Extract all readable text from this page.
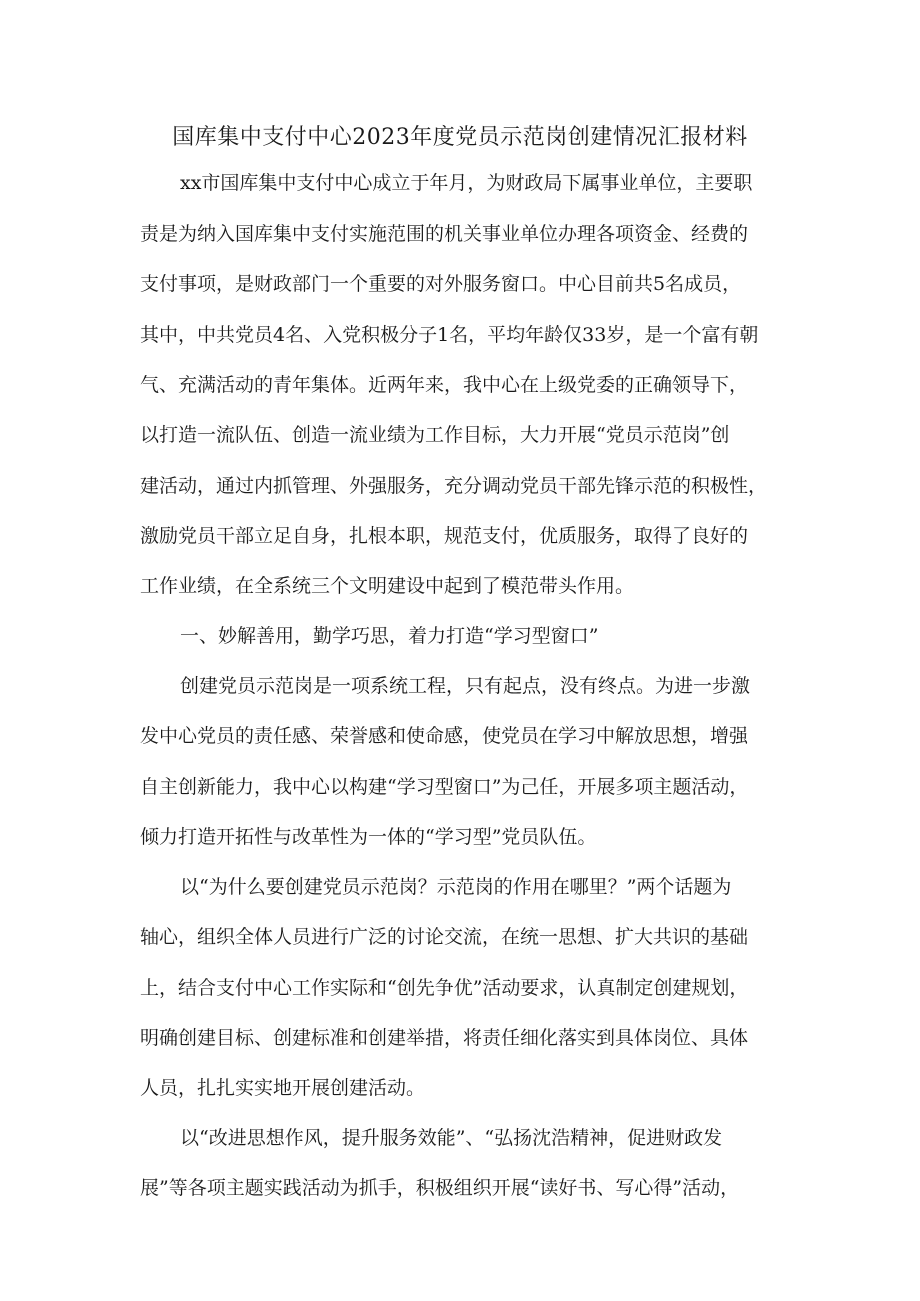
国库集中支付中心2023年度党员示范岗创建情况汇报材料
xx市国库集中支付中心成立于年月，为财政局下属事业单位，主要职
责是为纳入国库集中支付实施范围的机关事业单位办理各项资金、经费的
支付事项，是财政部门一个重要的对外服务窗口。中心目前共5名成员，
其中，中共党员4名、入党积极分子1名，平均年龄仅33岁，是一个富有朝
气、充满活动的青年集体。近两年来，我中心在上级党委的正确领导下，
以打造一流队伍、创造一流业绩为工作目标，大力开展“党员示范岗”创
建活动，通过内抓管理、外强服务，充分调动党员干部先锋示范的积极性，
激励党员干部立足自身，扎根本职，规范支付，优质服务，取得了良好的
工作业绩，在全系统三个文明建设中起到了模范带头作用。
一、妙解善用，勤学巧思，着力打造“学习型窗口”
创建党员示范岗是一项系统工程，只有起点，没有终点。为进一步激
发中心党员的责任感、荣誉感和使命感，使党员在学习中解放思想，增强
自主创新能力，我中心以构建“学习型窗口”为己任，开展多项主题活动，
倾力打造开拓性与改革性为一体的“学习型”党员队伍。
以“为什么要创建党员示范岗？示范岗的作用在哪里？”两个话题为
轴心，组织全体人员进行广泛的讨论交流，在统一思想、扩大共识的基础
上，结合支付中心工作实际和“创先争优”活动要求，认真制定创建规划，
明确创建目标、创建标准和创建举措，将责任细化落实到具体岗位、具体
人员，扎扎实实地开展创建活动。
以“改进思想作风，提升服务效能”、“弘扬沈浩精神，促进财政发
展”等各项主题实践活动为抓手，积极组织开展“读好书、写心得”活动，
